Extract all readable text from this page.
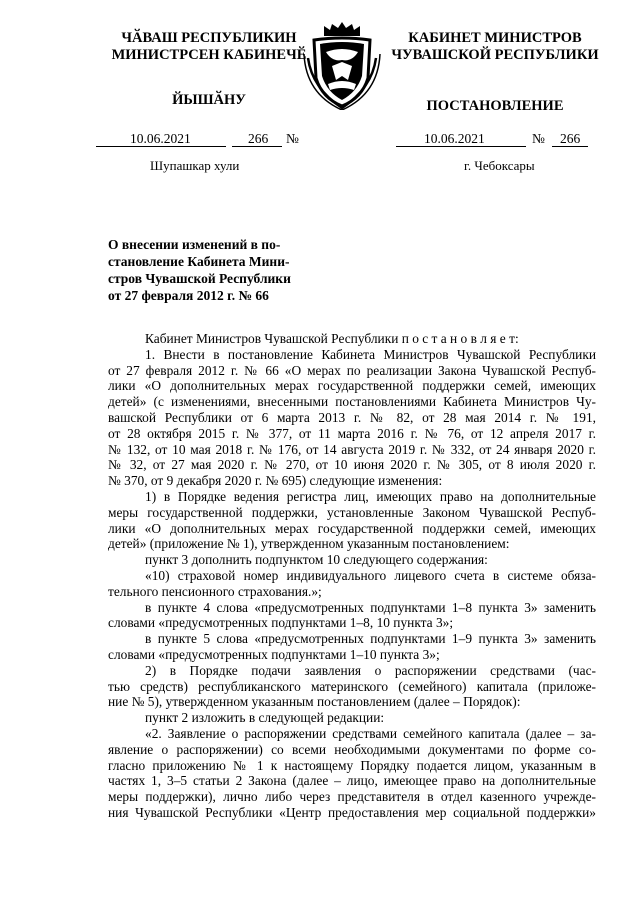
ЧӐВАШ РЕСПУБЛИКИН
МИНИСТРСЕН КАБИНЕЧӖ
ЙЫШӐНУ
КАБИНЕТ МИНИСТРОВ
ЧУВАШСКОЙ РЕСПУБЛИКИ
ПОСТАНОВЛЕНИЕ
10.06.2021	266 №	10.06.2021	№ 266
Шупашкар хули	г. Чебоксары
О внесении изменений в по-
становление Кабинета Мини-
стров Чувашской Республики
от 27 февраля 2012 г. № 66
Кабинет Министров Чувашской Республики п о с т а н о в л я е т:
1. Внести в постановление Кабинета Министров Чувашской Республики
от 27 февраля 2012 г. № 66 «О мерах по реализации Закона Чувашской Респуб-
лики «О дополнительных мерах государственной поддержки семей, имеющих
детей» (с изменениями, внесенными постановлениями Кабинета Министров Чу-
вашской Республики от 6 марта 2013 г. № 82, от 28 мая 2014 г. № 191,
от 28 октября 2015 г. № 377, от 11 марта 2016 г. № 76, от 12 апреля 2017 г.
№ 132, от 10 мая 2018 г. № 176, от 14 августа 2019 г. № 332, от 24 января 2020 г.
№ 32, от 27 мая 2020 г. № 270, от 10 июня 2020 г. № 305, от 8 июля 2020 г.
№ 370, от 9 декабря 2020 г. № 695) следующие изменения:
1) в Порядке ведения регистра лиц, имеющих право на дополнительные
меры государственной поддержки, установленные Законом Чувашской Респуб-
лики «О дополнительных мерах государственной поддержки семей, имеющих
детей» (приложение № 1), утвержденном указанным постановлением:
пункт 3 дополнить подпунктом 10 следующего содержания:
«10) страховой номер индивидуального лицевого счета в системе обяза-
тельного пенсионного страхования.»;
в пункте 4 слова «предусмотренных подпунктами 1–8 пункта 3» заменить
словами «предусмотренных подпунктами 1–8, 10 пункта 3»;
в пункте 5 слова «предусмотренных подпунктами 1–9 пункта 3» заменить
словами «предусмотренных подпунктами 1–10 пункта 3»;
2) в Порядке подачи заявления о распоряжении средствами (час-
тью средств) республиканского материнского (семейного) капитала (приложе-
ние № 5), утвержденном указанным постановлением (далее – Порядок):
пункт 2 изложить в следующей редакции:
«2. Заявление о распоряжении средствами семейного капитала (далее – за-
явление о распоряжении) со всеми необходимыми документами по форме со-
гласно приложению № 1 к настоящему Порядку подается лицом, указанным в
частях 1, 3–5 статьи 2 Закона (далее – лицо, имеющее право на дополнительные
меры поддержки), лично либо через представителя в отдел казенного учрежде-
ния Чувашской Республики «Центр предоставления мер социальной поддержки»
